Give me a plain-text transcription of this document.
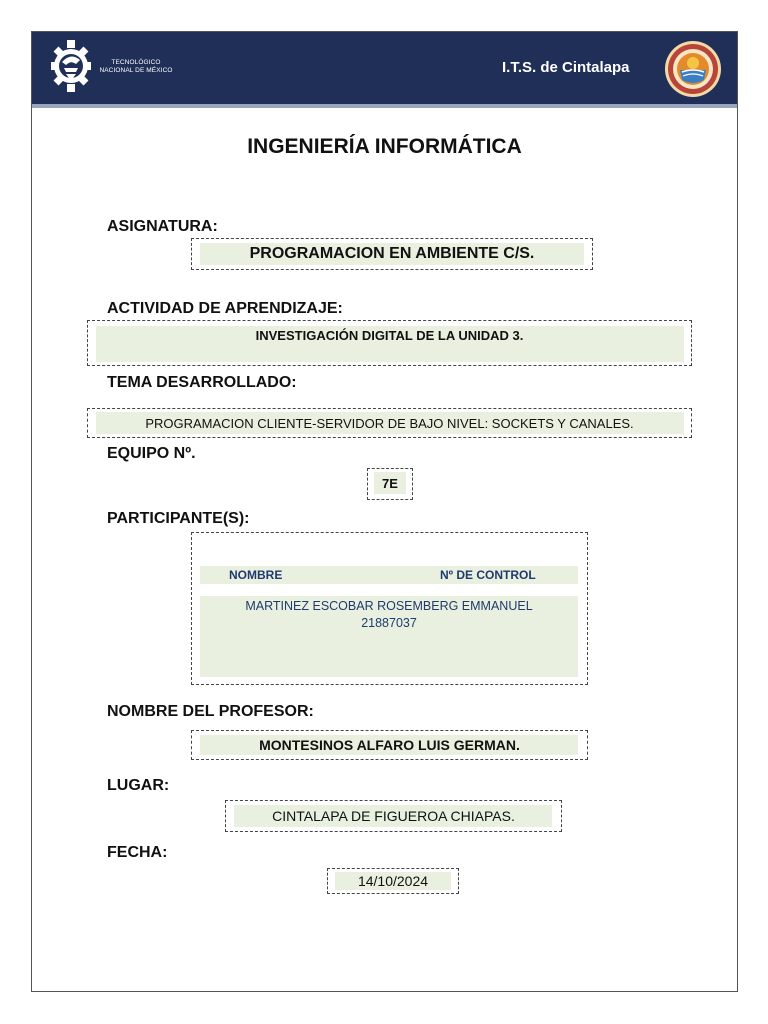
TECNOLÓGICO
NACIONAL DE MÉXICO	I.T.S. de Cintalapa
INGENIERÍA INFORMÁTICA
ASIGNATURA:
PROGRAMACION EN AMBIENTE C/S.
ACTIVIDAD DE APRENDIZAJE:
INVESTIGACIÓN DIGITAL DE LA UNIDAD 3.
TEMA DESARROLLADO:
PROGRAMACION CLIENTE-SERVIDOR DE BAJO NIVEL: SOCKETS Y CANALES.
EQUIPO Nº.
7E
PARTICIPANTE(S):
NOMBRE	Nº DE CONTROL
MARTINEZ ESCOBAR ROSEMBERG EMMANUEL
21887037
NOMBRE DEL PROFESOR:
MONTESINOS ALFARO LUIS GERMAN.
LUGAR:
CINTALAPA DE FIGUEROA CHIAPAS.
FECHA:
14/10/2024
